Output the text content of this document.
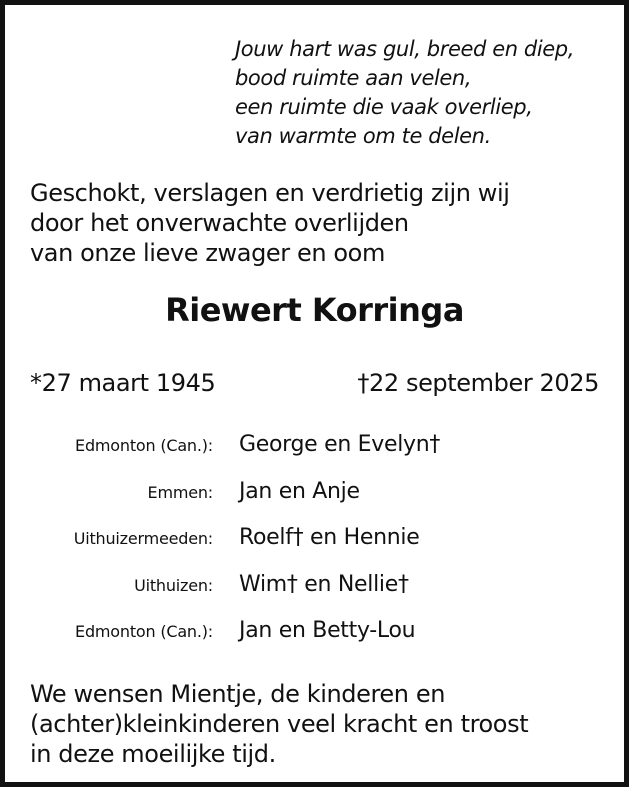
Jouw hart was gul, breed en diep,
bood ruimte aan velen,
een ruimte die vaak overliep,
van warmte om te delen.
Geschokt, verslagen en verdrietig zijn wij
door het onverwachte overlijden
van onze lieve zwager en oom
Riewert Korringa
*27 maart 1945	†22 september 2025
Edmonton (Can.):	George en Evelyn†
Emmen:	Jan en Anje
Uithuizermeeden:	Roelf† en Hennie
Uithuizen:	Wim† en Nellie†
Edmonton (Can.):	Jan en Betty-Lou
We wensen Mientje, de kinderen en
(achter)kleinkinderen veel kracht en troost
in deze moeilijke tijd.
